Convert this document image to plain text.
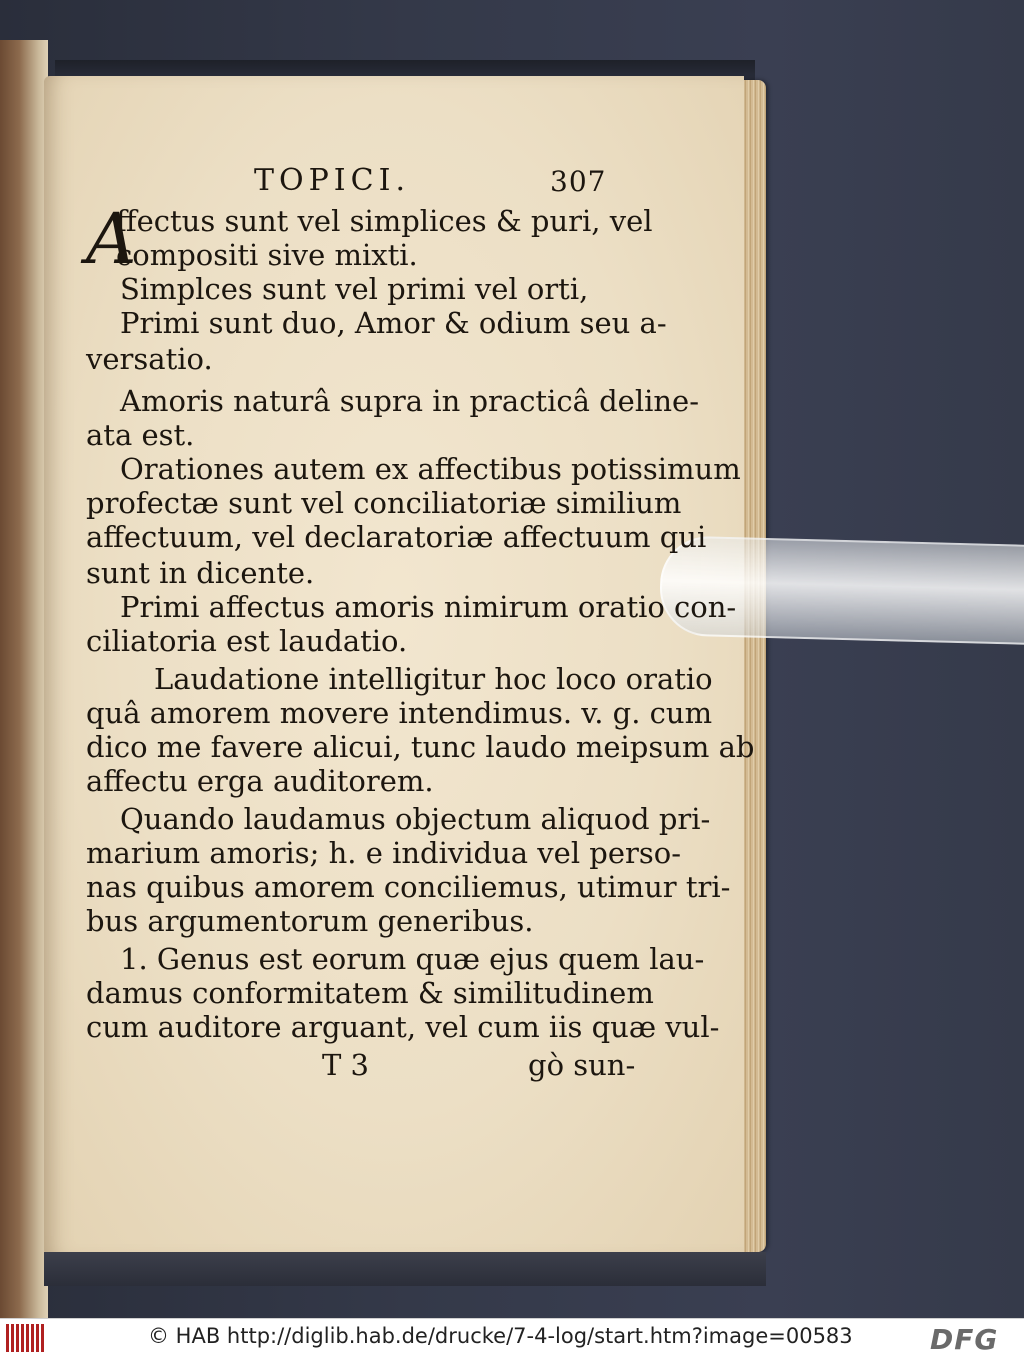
TOPICI.	307
A
ffectus sunt vel simplices & puri, vel
compositi sive mixti.
Simplces sunt vel primi vel orti,
Primi sunt duo, Amor & odium seu a-
versatio.
Amoris naturâ supra in practicâ deline-
ata est.
Orationes autem ex affectibus potissimum
profectæ sunt vel conciliatoriæ similium
affectuum, vel declaratoriæ affectuum qui
sunt in dicente.
Primi affectus amoris nimirum oratio con-
ciliatoria est laudatio.
Laudatione intelligitur hoc loco oratio
quâ amorem movere intendimus. v. g. cum
dico me favere alicui, tunc laudo meipsum ab
affectu erga auditorem.
Quando laudamus objectum aliquod pri-
marium amoris; h. e individua vel perso-
nas quibus amorem conciliemus, utimur tri-
bus argumentorum generibus.
1. Genus est eorum quæ ejus quem lau-
damus conformitatem & similitudinem
cum auditore arguant, vel cum iis quæ vul-
T 3	gò sun-
© HAB http://diglib.hab.de/drucke/7-4-log/start.htm?image=00583	DFG
